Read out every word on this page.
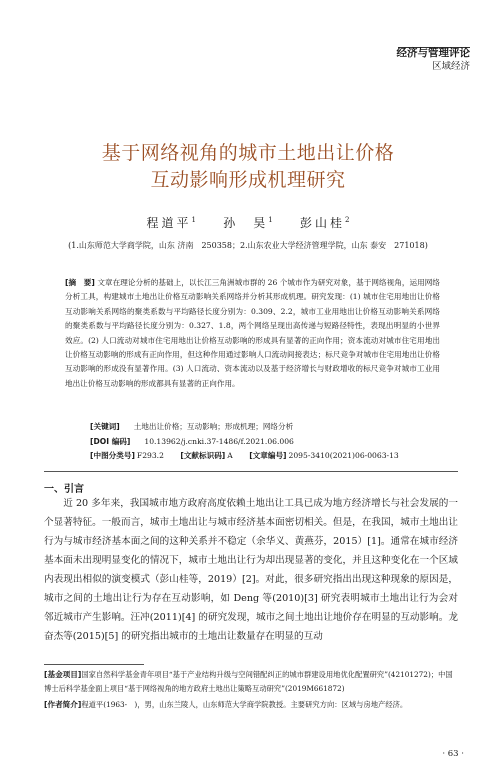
经济与管理评论
区域经济
基于网络视角的城市土地出让价格
互动影响形成机理研究
程道平$^1$ 孙　昊$^1$ 彭山桂$^2$
(1.山东师范大学商学院，山东 济南　250358；2.山东农业大学经济管理学院，山东 泰安　271018)
[摘　要] 文章在理论分析的基础上，以长江三角洲城市群的 26 个城市作为研究对象，基于网络视角，运用网络分析工具，构建城市土地出让价格互动影响关系网络并分析其形成机理。研究发现：(1) 城市住宅用地出让价格互动影响关系网络的聚类系数与平均路径长度分别为：0.309、2.2，城市工业用地出让价格互动影响关系网络的聚类系数与平均路径长度分别为：0.327、1.8，两个网络呈现出高传递与短路径特性，表现出明显的小世界效应。(2) 人口流动对城市住宅用地出让价格互动影响的形成具有显著的正向作用；资本流动对城市住宅用地出让价格互动影响的形成有正向作用，但这种作用通过影响人口流动间接表达；标尺竞争对城市住宅用地出让价格互动影响的形成没有显著作用。(3) 人口流动、资本流动以及基于经济增长与财政增收的标尺竞争对城市工业用地出让价格互动影响的形成都具有显著的正向作用。
[关键词] 土地出让价格；互动影响；形成机理；网络分析
[DOI 编码] 10.13962/j.cnki.37-1486/f.2021.06.006
[中图分类号] F293.2 [文献标识码] A [文章编号] 2095-3410(2021)06-0063-13
一、引言

近 20 多年来，我国城市地方政府高度依赖土地出让工具已成为地方经济增长与社会发展的一个显著特征。一般而言，城市土地出让与城市经济基本面密切相关。但是，在我国，城市土地出让行为与城市经济基本面之间的这种关系并不稳定（余华义、黄燕芬，2015）[1]。通常在城市经济基本面未出现明显变化的情况下，城市土地出让行为却出现显著的变化，并且这种变化在一个区域内表现出相似的演变模式（彭山桂等，2019）[2]。对此，很多研究指出出现这种现象的原因是，城市之间的土地出让行为存在互动影响，如 Deng 等(2010)[3] 研究表明城市土地出让行为会对邻近城市产生影响。汪冲(2011)[4] 的研究发现，城市之间土地出让地价存在明显的互动影响。龙奋杰等(2015)[5] 的研究指出城市的土地出让数量存在明显的互动

[基金项目]国家自然科学基金青年项目“基于产业结构升级与空间错配纠正的城市群建设用地优化配置研究”(42101272)；中国博士后科学基金面上项目“基于网络视角的地方政府土地出让策略互动研究”(2019M661872)

[作者简介]程道平(1963-　)，男，山东兰陵人，山东师范大学商学院教授。主要研究方向：区域与房地产经济。

· 63 ·
